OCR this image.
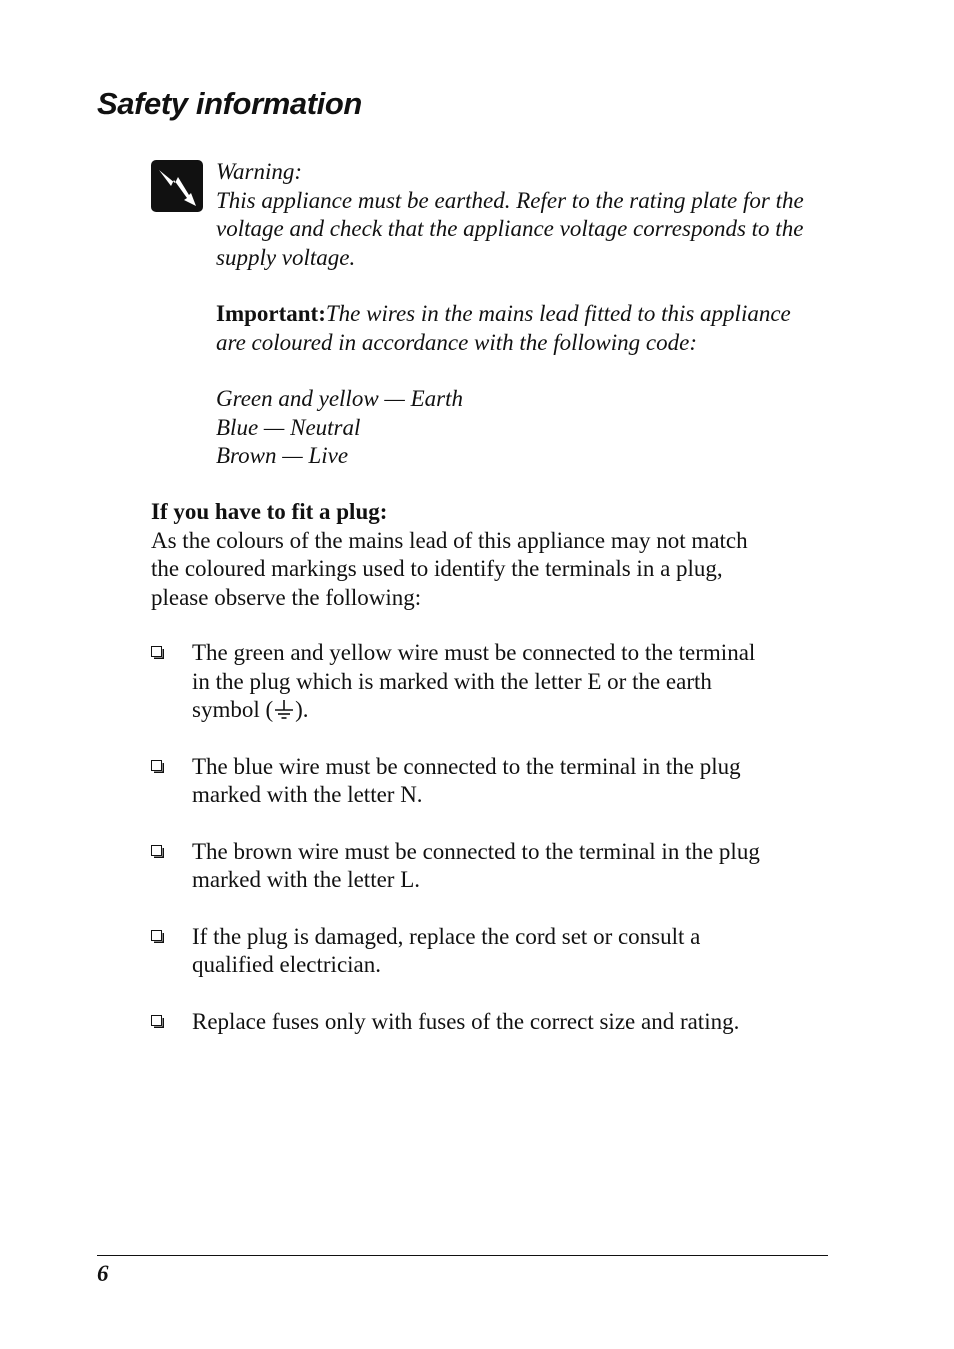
Safety information

Warning:

This appliance must be earthed. Refer to the rating plate for the

voltage and check that the appliance voltage corresponds to the

supply voltage.

Important:The wires in the mains lead fitted to this appliance

are coloured in accordance with the following code:

Green and yellow — Earth

Blue — Neutral

Brown — Live

If you have to fit a plug:

As the colours of the mains lead of this appliance may not match

the coloured markings used to identify the terminals in a plug,

please observe the following:

The green and yellow wire must be connected to the terminal
in the plug which is marked with the letter E or the earth
symbol ( ).
The blue wire must be connected to the terminal in the plug
marked with the letter N.
The brown wire must be connected to the terminal in the plug
marked with the letter L.
If the plug is damaged, replace the cord set or consult a
qualified electrician.
Replace fuses only with fuses of the correct size and rating.
6
